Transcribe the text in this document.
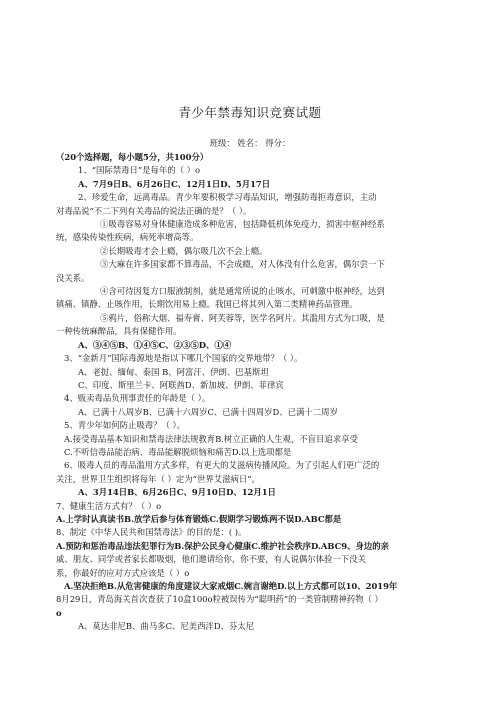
青少年禁毒知识竞赛试题
班级： 姓名： 得分：
（20个选择题，每小题5分，共100分）
1、“国际禁毒日”是每年的（ ）o
A、7月9日B、6月26日C、12月1日D、5月17日
2、珍爱生命，远离毒品。青少年要积极学习毒品知识，增强防毒拒毒意识，主动
对毒品说“不二下列有关毒品的说法正确的是？（ ）。
①吸毒容易对身体健康造成多种危害，包括降低机体免疫力，损害中枢神经系
统，感染传染性疾病，病死率增高等。
②长期吸毒才会上瘾，偶尔吸几次不会上瘾。
③大麻在许多国家都不算毒品，不会成瘾，对人体没有什么危害，偶尔尝一下
没关系。
④含可待因复方口服液制剂，就是通常所说的止咳水，可刺激中枢神经，达到
镇痛、镇静、止咳作用，长期饮用易上瘾。我国已将其列入第二类精神药品管理。
⑤鸦片，俗称大烟、福寿膏、阿芙蓉等，医学名阿片。其滥用方式为口吸，是
一种传统麻醉品，具有保健作用。
A、③④⑤B、①④⑤C、②③⑤D、①④
3、“金新月”国际毒源地是指以下哪几个国家的交界地带？（ ）。
A、老挝、缅甸、泰国 B、阿富汗、伊朗、巴基斯坦
C、印度、斯里兰卡、阿联酋D、新加坡、伊朗、菲律宾
4、贩卖毒品负刑事责任的年龄是（ ）。
A、已满十八周岁B、已满十六周岁C、已满十四周岁D、已满十二周岁
5、青少年如何防止吸毒？（ ）。
A.接受毒品基本知识和禁毒法律法规教育B.树立正确的人生观，不盲目追求享受
C.不听信毒品能治病、毒品能解脱烦恼和痛苦D.以上选项都是
6、吸毒人员的毒品滥用方式多样，有更大的艾滋病传播风险。为了引起人们更广泛的
关注，世界卫生组织将每年（ ）定为“世界艾滋病日”。
A、3月14日B、6月26日C、9月10日D、12月1日
7、健康生活方式有？（ ）o
A.上学时认真读书B.放学后参与体育锻炼C.假期学习锻炼两不误D.ABC都是
8、制定《中华人民共和国禁毒法》的目的是：( )。
A.预防和惩治毒品违法犯罪行为B.保护公民身心健康C.维护社会秩序D.ABC9、身边的亲
戚、朋友、同学或者家长都吸烟，他们邀请给你，你不要，有人说偶尔体验一下没关
系，你最好的应对方式应该是（ ）o
A.坚决拒绝B.从危害健康的角度建议大家戒烟C.婉言谢绝D.以上方式都可以10、2019年
8月29日，青岛海关首次查获了10盒100o粒被误传为“聪明药”的一类管制精神药物（ ）
o
A、莫达非尼B、曲马多C、尼美西泮D、芬太尼
